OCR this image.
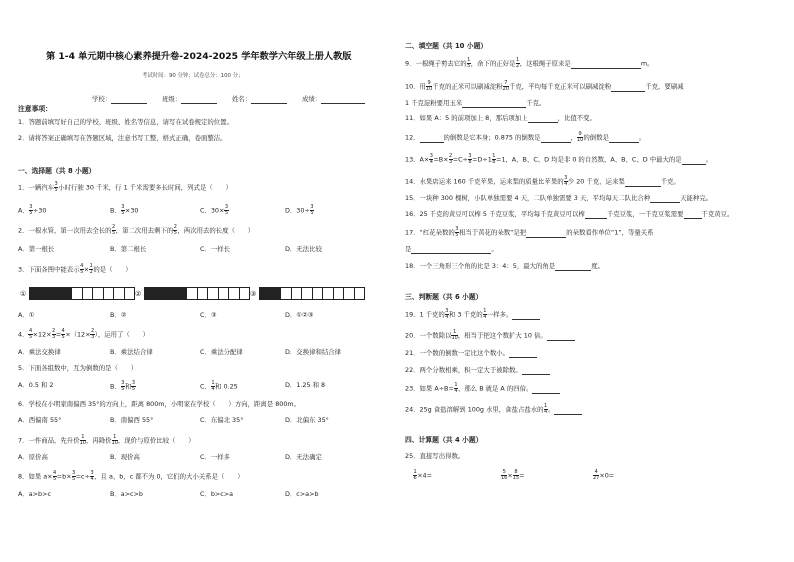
第 1-4 单元期中核心素养提升卷-2024-2025 学年数学六年级上册人教版
考试时间：90 分钟；试卷总分：100 分；
学校：	班级：	姓名：	成绩：
注意事项：
1．答题前填写好自己的学校、班级、姓名等信息，请写在试卷规定的位置。
2．请将答案正确填写在答题区域，注意书写工整，格式正确，卷面整洁。
一、选择题（共 8 小题）
1．一辆汽车 $\frac{3}{5}$ 小时行驶 30 千米，行 1 千米需要多长时间，列式是（　　）
A． $\frac{3}{5} \div 30$	B． $\frac{3}{5} \times 30$	C．$30\times \frac{3}{5}$	D．$30\div \frac{3}{5}$
2．一根水管，第一次用去全长的 $\frac{2}{5}$ ，第二次用去剩下的 $\frac{2}{5}$ ，两次用去的长度（　　）
A．第一根长	B．第二根长	C．一样长	D．无法比较
3．下面各图中能表示 $\frac{4}{5} \times \frac{1}{2}$ 的是（　　）
①	②	③
A．①	B．②	C．③	D．①②③
4． $\frac{4}{5} \times 12\times \frac{2}{3} = \frac{4}{5} \times(12\times \frac{2}{3}$ ），运用了（　　）
A．乘法交换律	B．乘法结合律	C．乘法分配律	D．交换律和结合律
5．下面各组数中，互为倒数的是（　　）
A．0.5 和 2	B． $\frac{3}{5}$ 和 $\frac{3}{5}$	C． $\frac{1}{4}$ 和 0.25	D．1.25 和 8
6．学校在小明家南偏西 35°的方向上，距离 800m，小明家在学校（　　）方向，距离是 800m。
A．西偏南 55°	B．南偏西 55°	C．东偏北 35°	D．北偏东 35°
7．一件商品，先升价 $\frac{1}{10}$ ，再降价 $\frac{1}{10}$ ，现价与原价比较（　　）
A．原价高	B．现价高	C．一样多	D．无法确定
8．如果 $a\times \frac{4}{5} =b\times \frac{3}{5} =c\div \frac{3}{4}$ ，且 a、b、c 都不为 0，它们的大小关系是（　　）
A．a>b>c	B．a>c>b	C．b>c>a	D．c>a>b
二、填空题（共 10 小题）
9．一根绳子剪去它的 $\frac{1}{5}$ ，余下的正好是 $\frac{1}{2}$ ，这根绳子原来是	m。
10．用 $\frac{9}{10}$ 千克的正米可以刷减淀粉 $\frac{7}{20}$ 千克，平均每千克正米可以刷减淀粉	千克，要刷减
1 千克淀粉要用玉米	千克。
11．如果 A：5 的前项加上 8，那后项加上	，比值不变。
12．	的倒数是它本身；0.875 的倒数是	， $\frac{9}{10}$ 的倒数是	。
13．$A\times \frac{3}{4} =B\times \frac{2}{3} =C\div \frac{3}{8} =D\div 1 \frac{1}{8} =1$，A、B、C、D 均是非 0 的自然数，A、B、C、D 中最大的是	。
14．水果店运来 160 千克苹果，运来梨的质量比苹果的 $\frac{3}{4}$ 少 20 千克，运来梨	千克。
15．一块种 300 棵树，小队单独需要 4 天，二队单独需要 3 天，平均每天二队比合种	天能种完。
16．25 千克的黄豆可以榨 5 千克豆浆，平均每千克黄豆可以榨	千克豆浆，一千克豆浆需要	千克黄豆。
17．“红花朵数的 $\frac{3}{5}$ 相当于黄花的朵数”是把	的朵数看作单位“1”，等量关系
是	。
18．一个三角形三个角的比是 3：4：5，最大的角是	度。
三、判断题（共 6 小题）
19．1 千克的 $\frac{3}{4}$ 和 3 千克的 $\frac{1}{4}$ 一样多。
20．一个数除以 $\frac{1}{10}$ ，相当于把这个数扩大 10 倍。
21．一个数的倒数一定比这个数小。
22．两个分数相乘，积一定大于被除数。
23．如果 $A\div B= \frac{1}{4}$ ，那么 B 就是 A 的四倍。
24．25g 食盐溶解到 100g 水里，食盐占盐水的 $\frac{1}{4}$ 。
四、计算题（共 4 小题）
25．直接写出得数。
$\frac{1}{6} \times 4=$	$\frac{5}{16} \times \frac{8}{15}$ =	$\frac{4}{27} \times 0=$
